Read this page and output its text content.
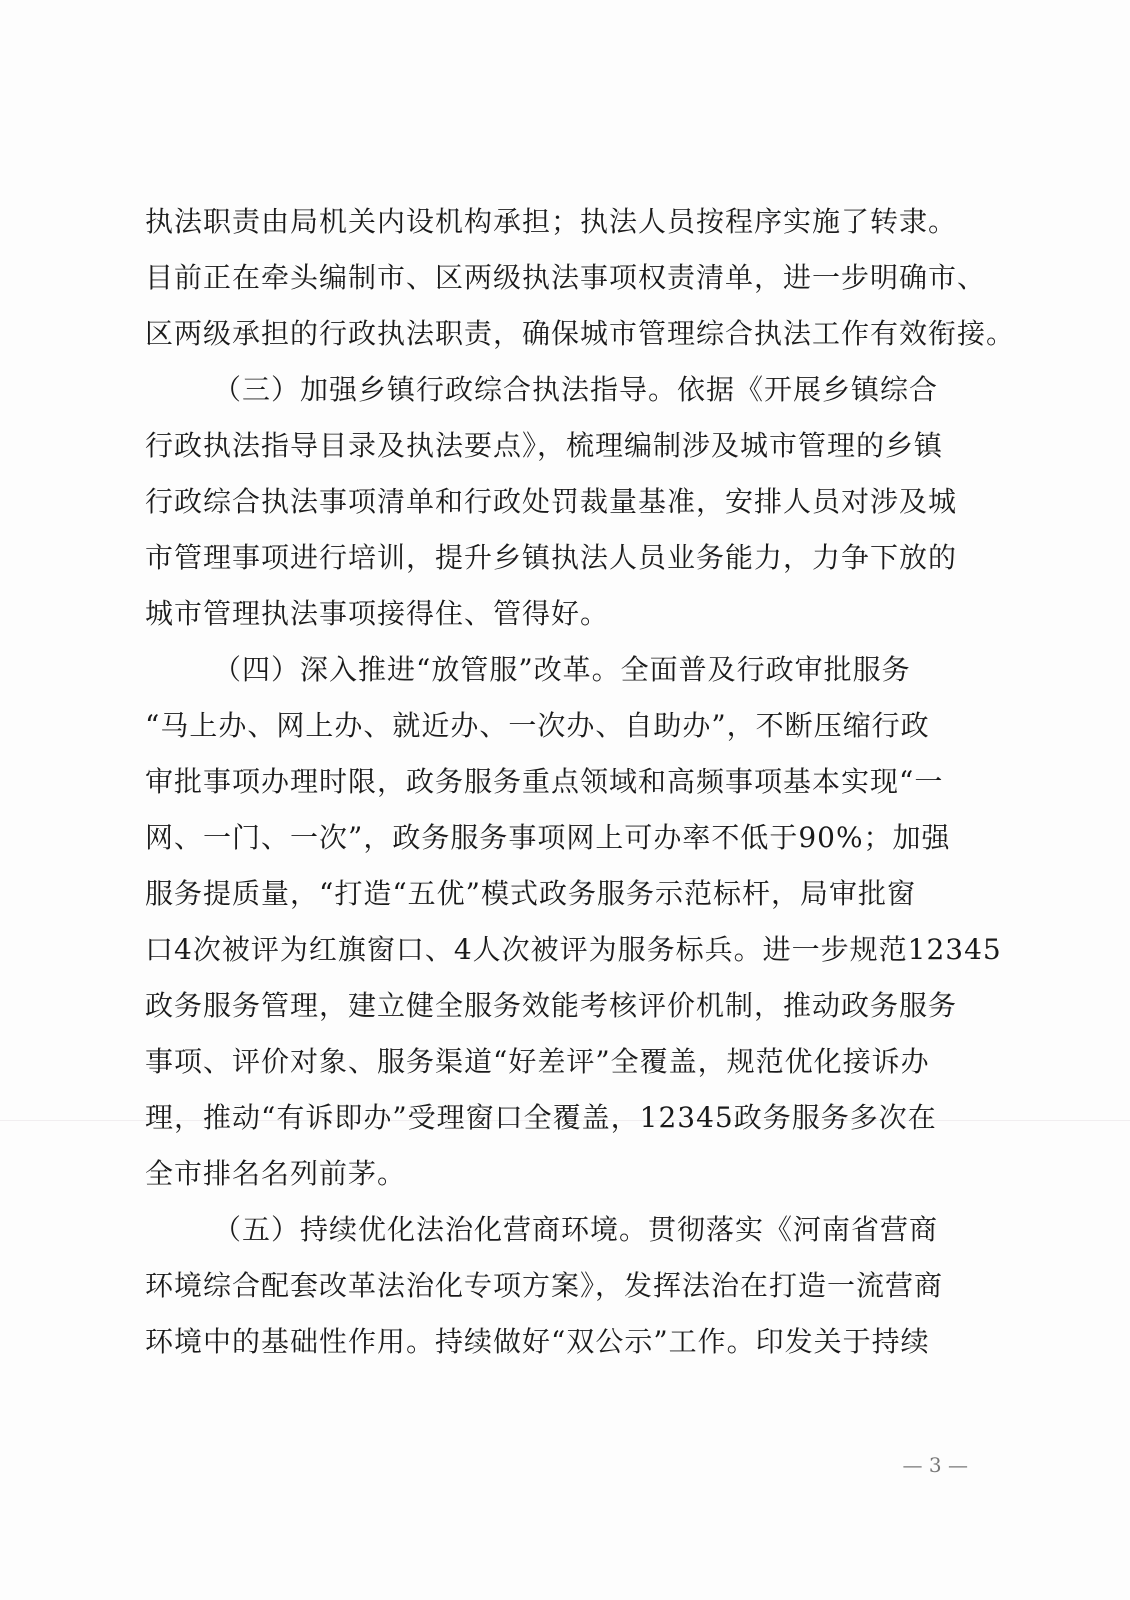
执法职责由局机关内设机构承担；执法人员按程序实施了转隶。
目前正在牵头编制市、区两级执法事项权责清单，进一步明确市、
区两级承担的行政执法职责，确保城市管理综合执法工作有效衔接。
（三）加强乡镇行政综合执法指导。依据《开展乡镇综合
行政执法指导目录及执法要点》，梳理编制涉及城市管理的乡镇
行政综合执法事项清单和行政处罚裁量基准，安排人员对涉及城
市管理事项进行培训，提升乡镇执法人员业务能力，力争下放的
城市管理执法事项接得住、管得好。
（四）深入推进“放管服”改革。全面普及行政审批服务
“马上办、网上办、就近办、一次办、自助办”，不断压缩行政
审批事项办理时限，政务服务重点领域和高频事项基本实现“一
网、一门、一次”，政务服务事项网上可办率不低于90%；加强
服务提质量，“打造“五优”模式政务服务示范标杆，局审批窗
口4次被评为红旗窗口、4人次被评为服务标兵。进一步规范12345
政务服务管理，建立健全服务效能考核评价机制，推动政务服务
事项、评价对象、服务渠道“好差评”全覆盖，规范优化接诉办
理，推动“有诉即办”受理窗口全覆盖，12345政务服务多次在
全市排名名列前茅。
（五）持续优化法治化营商环境。贯彻落实《河南省营商
环境综合配套改革法治化专项方案》，发挥法治在打造一流营商
环境中的基础性作用。持续做好“双公示”工作。印发关于持续
— 3 —
